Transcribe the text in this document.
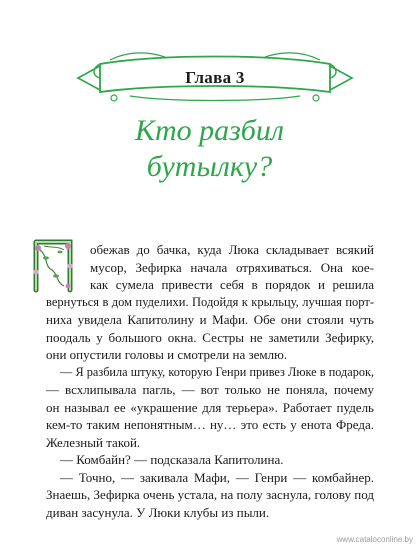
Глава 3
Кто разбил
бутылку?
обежав до бачка, куда Люка складывает всякий
мусор, Зефирка начала отряхиваться. Она кое-
как сумела привести себя в порядок и решила
вернуться в дом пуделихи. Подойдя к крыльцу, лучшая порт-
ниха увидела Капитолину и Мафи. Обе они стояли чуть
поодаль у большого окна. Сестры не заметили Зефирку,
они опустили головы и смотрели на землю.
— Я разбила штуку, которую Генри привез Люке в подарок,
— всхлипывала пагль, — вот только не поняла, почему
он называл ее «украшение для терьера». Работает пудель
кем-то таким непонятным… ну… это есть у енота Фреда.
Железный такой.
— Комбайн? — подсказала Капитолина.
— Точно, — закивала Мафи, — Генри — комбайнер.
Знаешь, Зефирка очень устала, на полу заснула, голову под
диван засунула. У Люки клубы из пыли.
www.cataloconline.by
